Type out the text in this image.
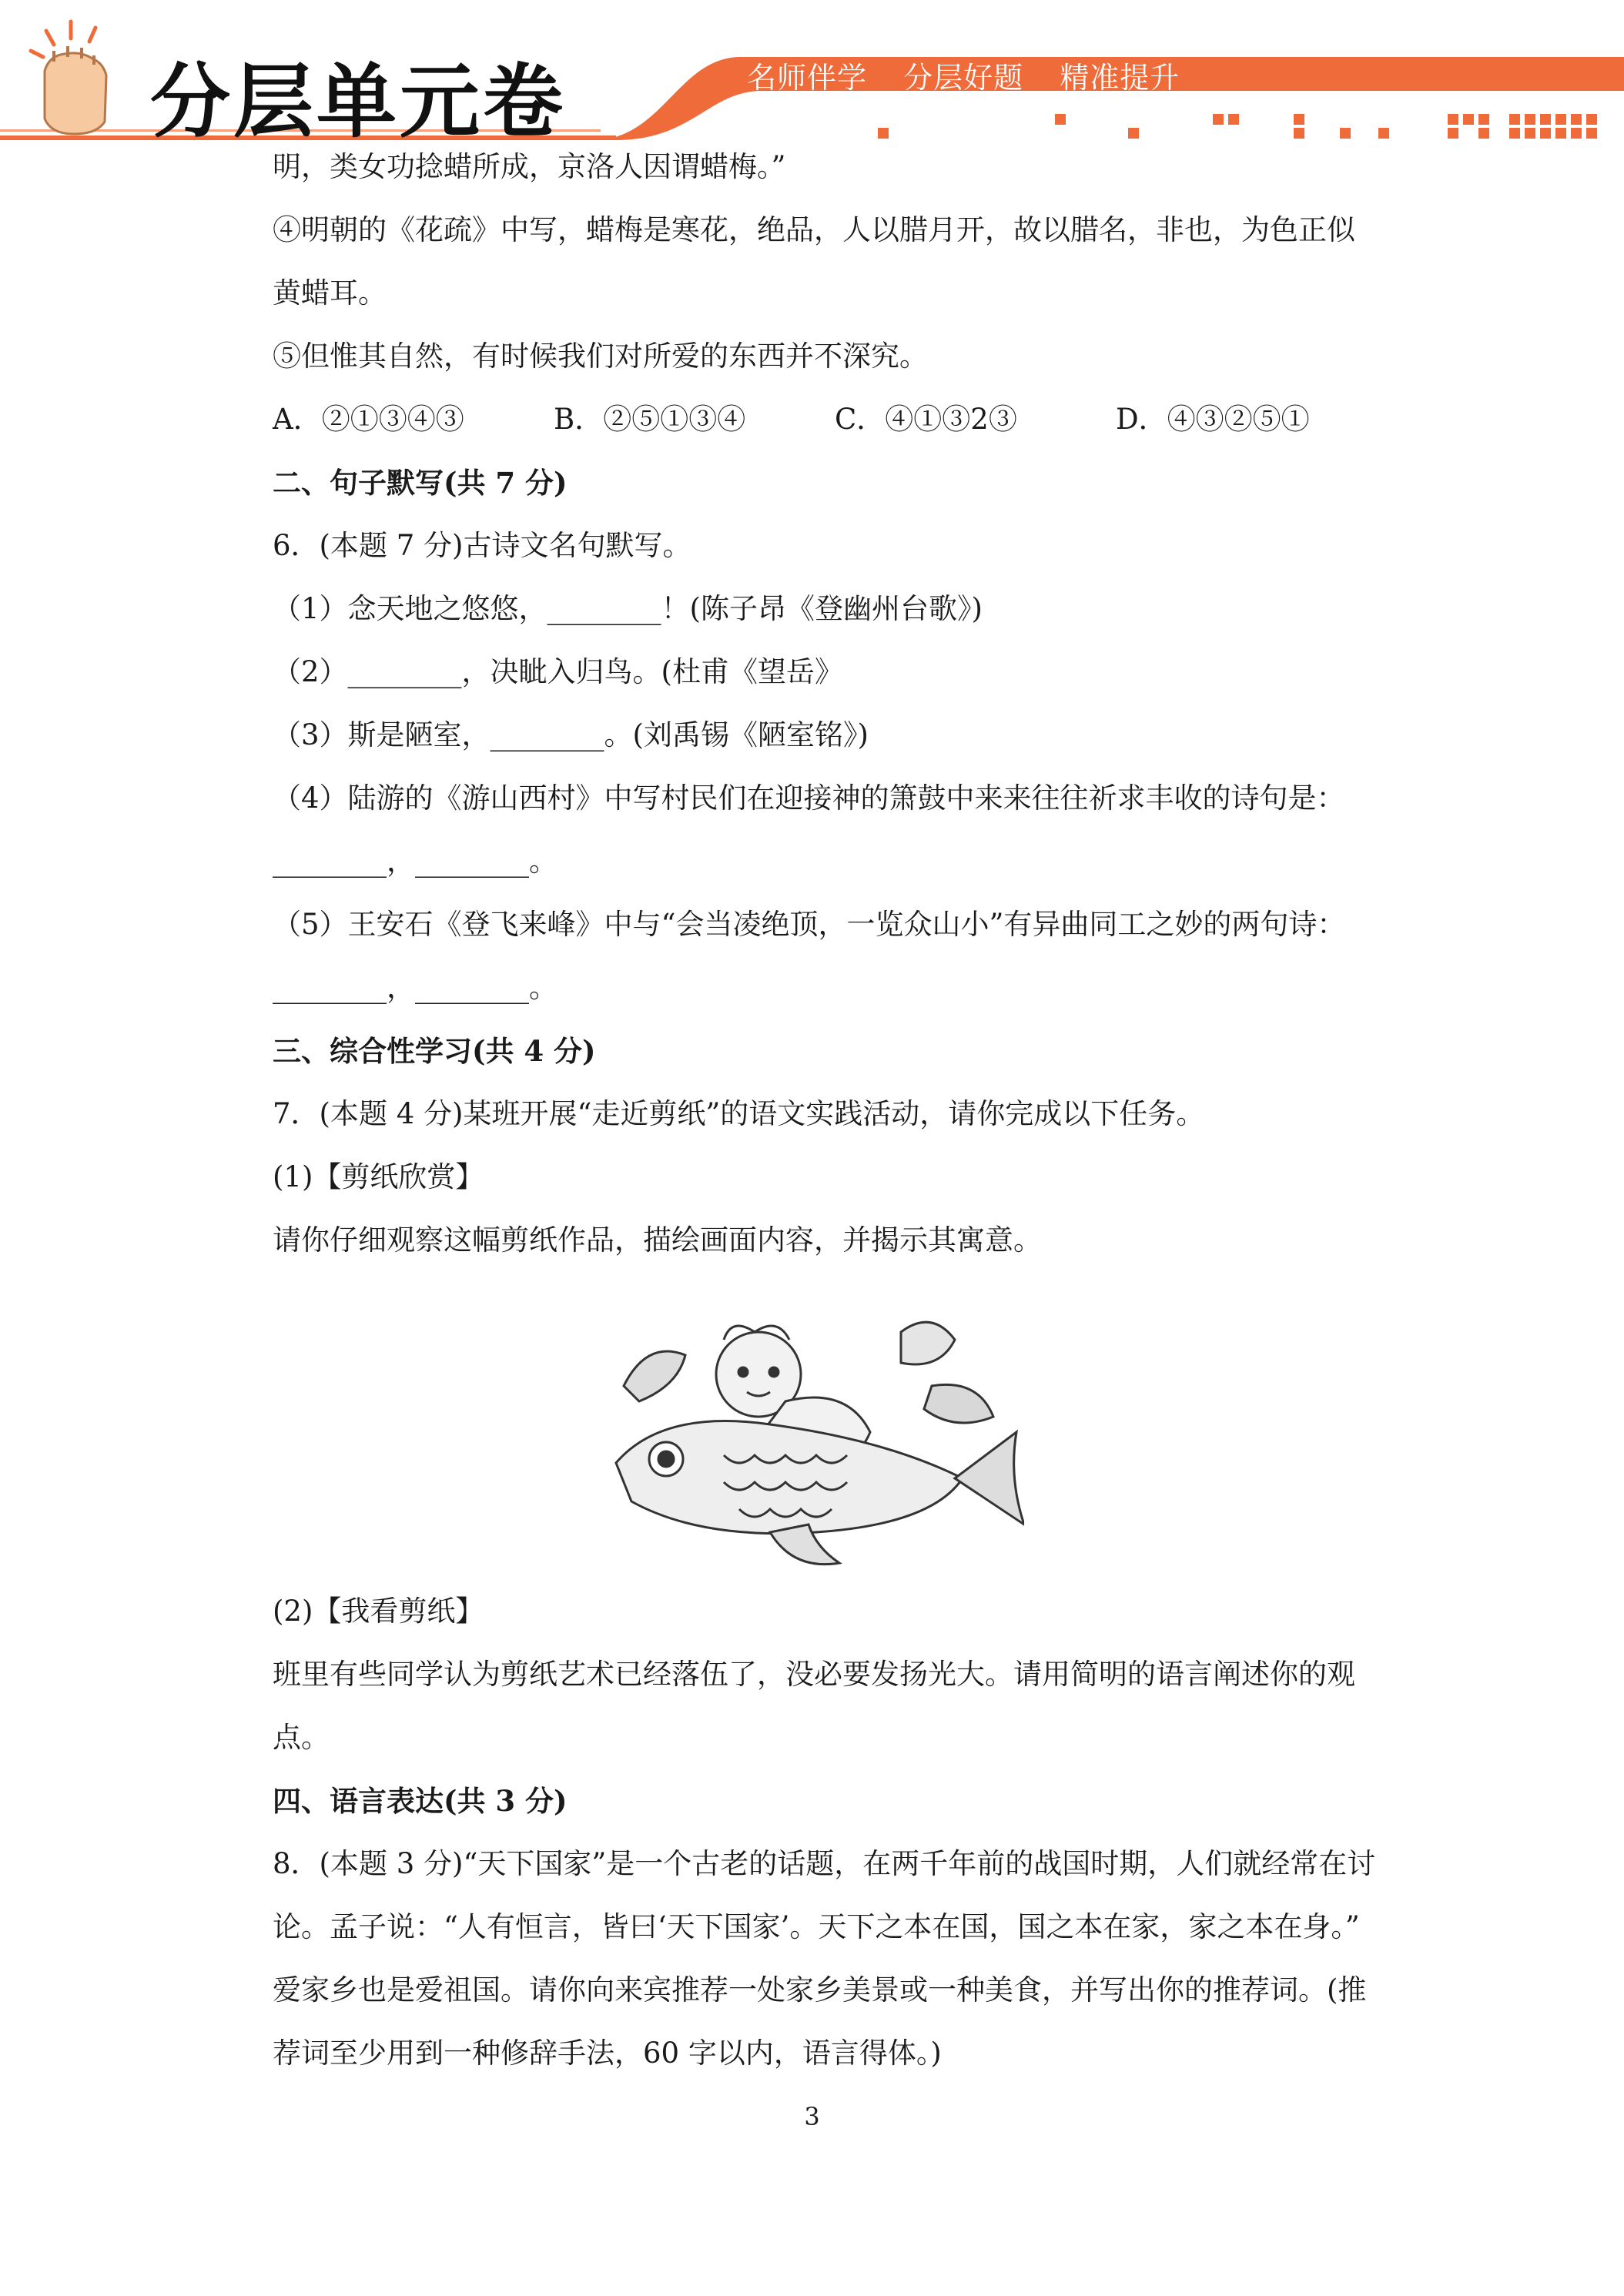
分层单元卷	名师伴学 分层好题 精准提升
明，类女功捻蜡所成，京洛人因谓蜡梅。”
④明朝的《花疏》中写，蜡梅是寒花，绝品，人以腊月开，故以腊名，非也，为色正似
黄蜡耳。
⑤但惟其自然，有时候我们对所爱的东西并不深究。
A．②①③④③	B．②⑤①③④	C．④①③2③	D．④③②⑤①
二、句子默写(共 7 分)
6．(本题 7 分)古诗文名句默写。
（1）念天地之悠悠，________！(陈子昂《登幽州台歌》)
（2）________，决眦入归鸟。(杜甫《望岳》
（3）斯是陋室，________。(刘禹锡《陋室铭》)
（4）陆游的《游山西村》中写村民们在迎接神的箫鼓中来来往往祈求丰收的诗句是：
________，________。
（5）王安石《登飞来峰》中与“会当凌绝顶，一览众山小”有异曲同工之妙的两句诗：
________，________。
三、综合性学习(共 4 分)
7．(本题 4 分)某班开展“走近剪纸”的语文实践活动，请你完成以下任务。
(1)【剪纸欣赏】
请你仔细观察这幅剪纸作品，描绘画面内容，并揭示其寓意。
(2)【我看剪纸】
班里有些同学认为剪纸艺术已经落伍了，没必要发扬光大。请用简明的语言阐述你的观
点。
四、语言表达(共 3 分)
8．(本题 3 分)“天下国家”是一个古老的话题，在两千年前的战国时期，人们就经常在讨
论。孟子说：“人有恒言，皆曰‘天下国家’。天下之本在国，国之本在家，家之本在身。”
爱家乡也是爱祖国。请你向来宾推荐一处家乡美景或一种美食，并写出你的推荐词。(推
荐词至少用到一种修辞手法，60 字以内，语言得体。)
3
